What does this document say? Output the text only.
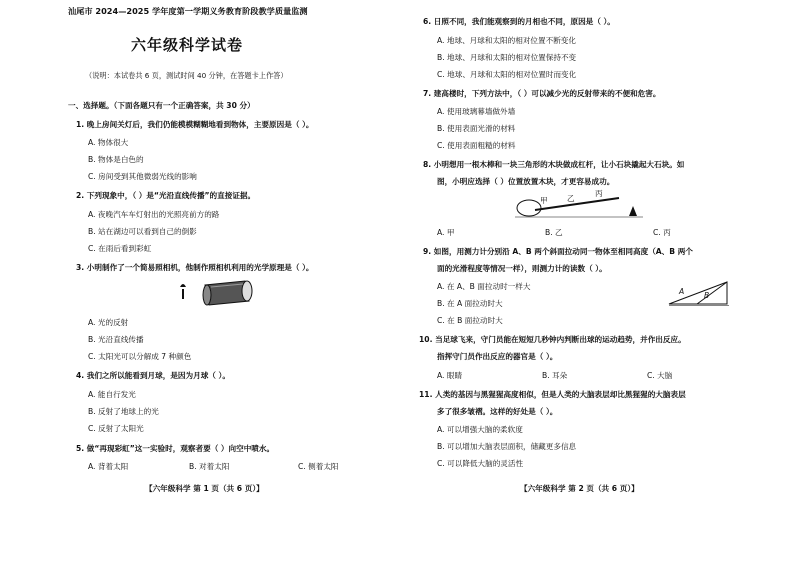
汕尾市 2024—2025 学年度第一学期义务教育阶段教学质量监测
六年级科学试卷
（说明：本试卷共 6 页，测试时间 40 分钟，在答题卡上作答）
一、选择题。（下面各题只有一个正确答案，共 30 分）
1. 晚上房间关灯后，我们仍能模模糊糊地看到物体，主要原因是（ ）。
A. 物体很大
B. 物体是白色的
C. 房间受到其他微弱光线的影响
2. 下列现象中，（ ）是“光沿直线传播”的直接证据。
A. 夜晚汽车车灯射出的光照亮前方的路
B. 站在湖边可以看到自己的倒影
C. 在雨后看到彩虹
3. 小明制作了一个简易照相机，他制作照相机利用的光学原理是（ ）。
A. 光的反射
B. 光沿直线传播
C. 太阳光可以分解成 7 种颜色
4. 我们之所以能看到月球，是因为月球（ ）。
A. 能自行发光
B. 反射了地球上的光
C. 反射了太阳光
5. 做“再现彩虹”这一实验时，观察者要（ ）向空中喷水。
A. 背着太阳	B. 对着太阳	C. 侧着太阳
【六年级科学 第 1 页（共 6 页）】
6. 日照不同，我们能观察到的月相也不同，原因是（ ）。
A. 地球、月球和太阳的相对位置不断变化
B. 地球、月球和太阳的相对位置保持不变
C. 地球、月球和太阳的相对位置时而变化
7. 建高楼时，下列方法中，（ ）可以减少光的反射带来的不便和危害。
A. 使用玻璃幕墙做外墙
B. 使用表面光滑的材料
C. 使用表面粗糙的材料
8. 小明想用一根木棒和一块三角形的木块做成杠杆，让小石块撬起大石块。如
图，小明应选择（ ）位置放置木块，才更容易成功。
甲	乙
丙
A. 甲	B. 乙	C. 丙
9. 如图，用测力计分别沿 A、B 两个斜面拉动同一物体至相同高度（A、B 两个
面的光滑程度等情况一样），则测力计的读数（ ）。
A. 在 A、B 面拉动时一样大
B. 在 A 面拉动时大
C. 在 B 面拉动时大
A	B
10. 当足球飞来，守门员能在短短几秒钟内判断出球的运动趋势，并作出反应。
指挥守门员作出反应的器官是（ ）。
A. 眼睛	B. 耳朵	C. 大脑
11. 人类的基因与黑猩猩高度相似，但是人类的大脑表层却比黑猩猩的大脑表层
多了很多皱褶。这样的好处是（ ）。
A. 可以增强大脑的柔软度
B. 可以增加大脑表层面积，储藏更多信息
C. 可以降低大脑的灵活性
【六年级科学 第 2 页（共 6 页）】
